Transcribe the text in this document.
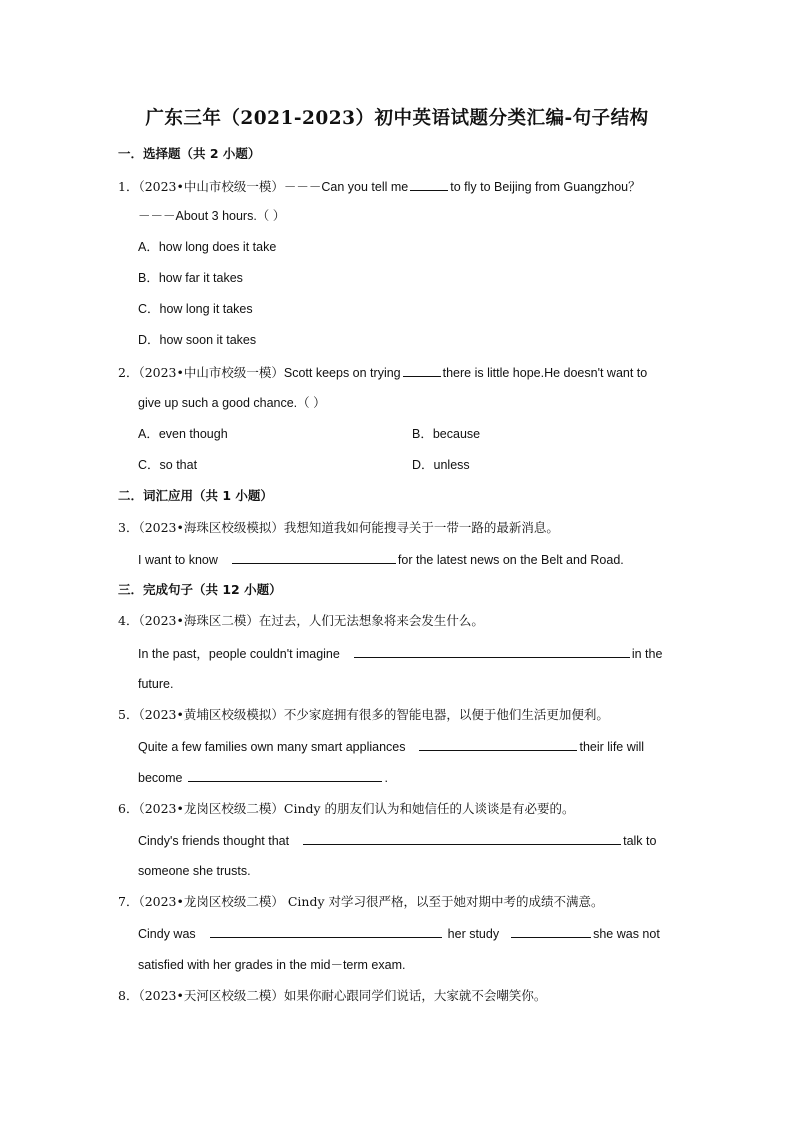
广东三年（2021-2023）初中英语试题分类汇编-句子结构
一．选择题（共 2 小题）
1．（2023•中山市校级一模）－－－Can you tell me	to fly to Beijing from Guangzhou？
－－－About 3 hours.（ ）
A．how long does it take
B．how far it takes
C．how long it takes
D．how soon it takes
2．（2023•中山市校级一模）Scott keeps on trying	there is little hope.He doesn't want to
give up such a good chance.（ ）
A．even though	B．because
C．so that	D．unless
二．词汇应用（共 1 小题）
3．（2023•海珠区校级模拟）我想知道我如何能搜寻关于一带一路的最新消息。
I want to know	for the latest news on the Belt and Road.
三．完成句子（共 12 小题）
4．（2023•海珠区二模）在过去，人们无法想象将来会发生什么。
In the past，people couldn't imagine	in the
future.
5．（2023•黄埔区校级模拟）不少家庭拥有很多的智能电器，以便于他们生活更加便利。
Quite a few families own many smart appliances	their life will
become	.
6．（2023•龙岗区校级二模）Cindy 的朋友们认为和她信任的人谈谈是有必要的。
Cindy's friends thought that	talk to
someone she trusts.
7．（2023•龙岗区校级二模） Cindy 对学习很严格，以至于她对期中考的成绩不满意。
Cindy was	her study	she was not
satisfied with her grades in the mid－term exam.
8．（2023•天河区校级二模）如果你耐心跟同学们说话，大家就不会嘲笑你。
